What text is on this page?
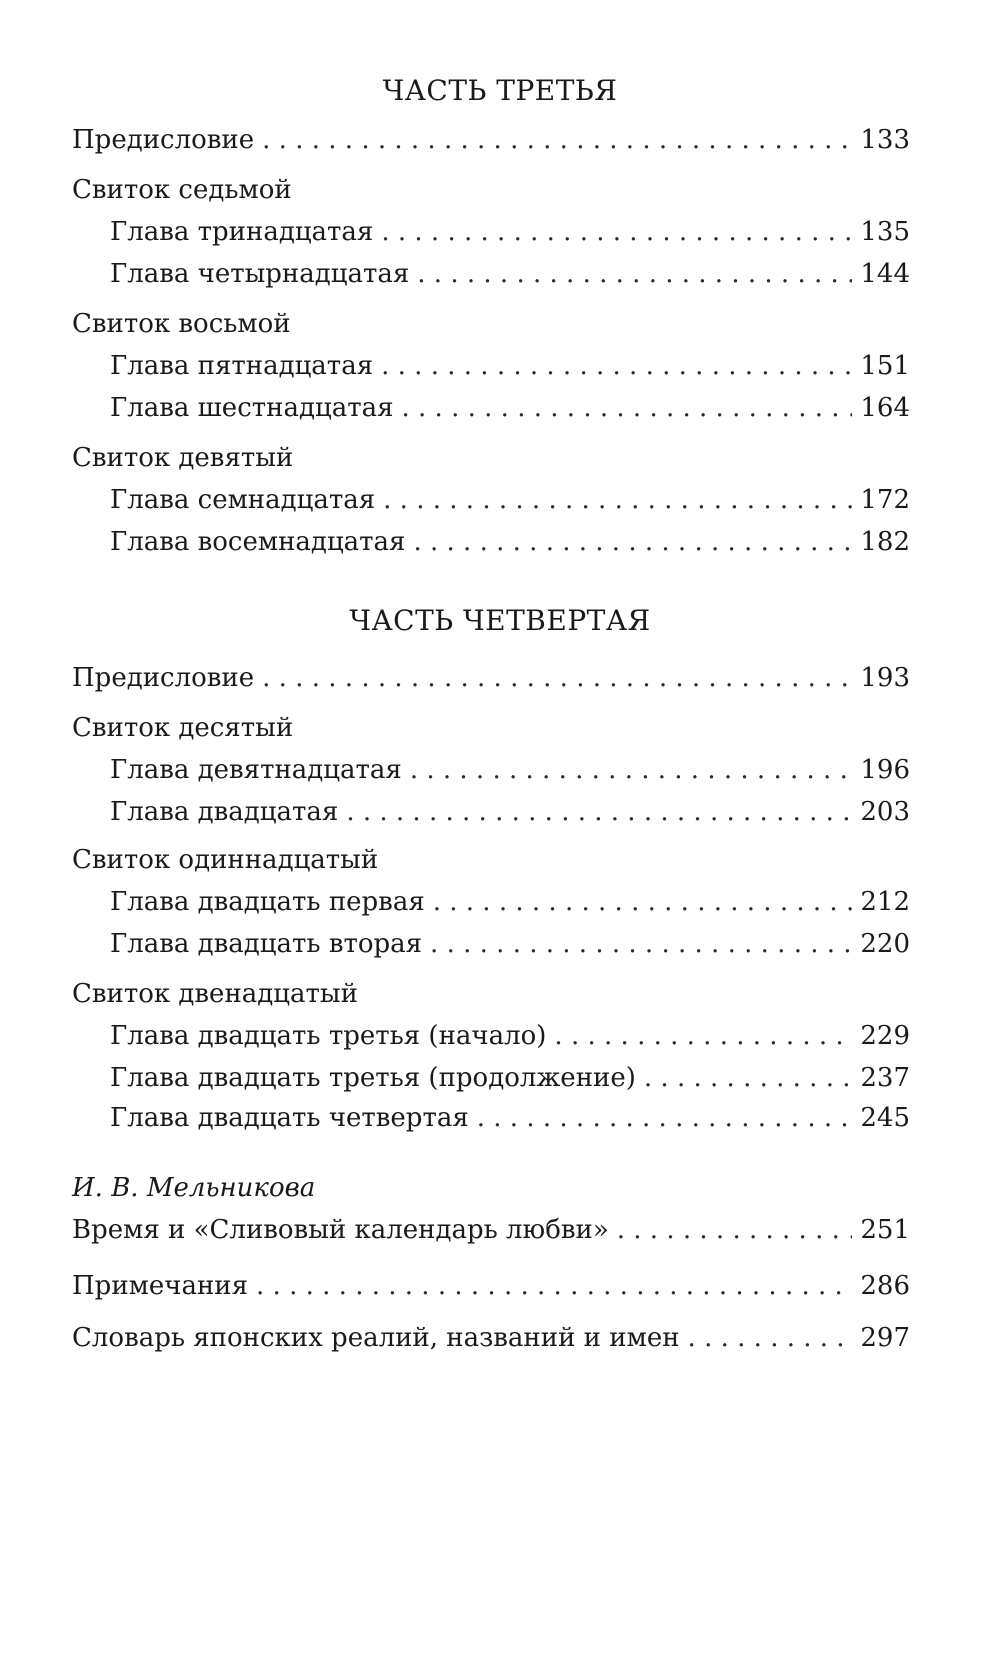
ЧАСТЬ ТРЕТЬЯ
Предисловие . . .	133
Свиток седьмой
Глава тринадцатая . . .	135
Глава четырнадцатая . . .	144
Свиток восьмой
Глава пятнадцатая . . .	151
Глава шестнадцатая . . .	164
Свиток девятый
Глава семнадцатая . . .	172
Глава восемнадцатая . . .	182
ЧАСТЬ ЧЕТВЕРТАЯ
Предисловие . . .	193
Свиток десятый
Глава девятнадцатая . . .	196
Глава двадцатая . . .	203
Свиток одиннадцатый
Глава двадцать первая . . .	212
Глава двадцать вторая . . .	220
Свиток двенадцатый
Глава двадцать третья (начало) . . .	229
Глава двадцать третья (продолжение) . . .	237
Глава двадцать четвертая . . .	245
И. В. Мельникова
Время и «Сливовый календарь любви» . . .	251
Примечания . . .	286
Словарь японских реалий, названий и имен . . .	297
